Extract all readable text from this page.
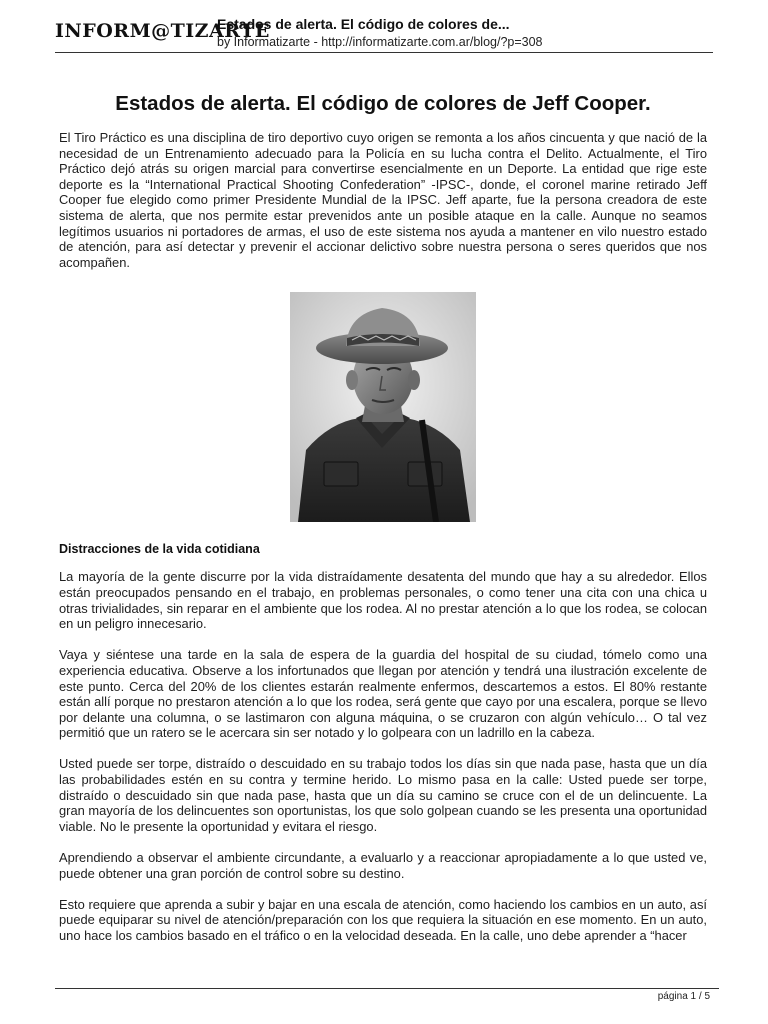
INFORM@TIZARTE
Estados de alerta. El código de colores de...
by Informatizarte - http://informatizarte.com.ar/blog/?p=308
Estados de alerta. El código de colores de Jeff Cooper.

El Tiro Práctico es una disciplina de tiro deportivo cuyo origen se remonta a los años cincuenta y que nació de la necesidad de un Entrenamiento adecuado para la Policía en su lucha contra el Delito. Actualmente, el Tiro Práctico dejó atrás su origen marcial para convertirse esencialmente en un Deporte. La entidad que rige este deporte es la “International Practical Shooting Confederation” -IPSC-, donde, el coronel marine retirado Jeff Cooper fue elegido como primer Presidente Mundial de la IPSC. Jeff aparte, fue la persona creadora de este sistema de alerta, que nos permite estar prevenidos ante un posible ataque en la calle. Aunque no seamos legítimos usuarios ni portadores de armas, el uso de este sistema nos ayuda a mantener en vilo nuestro estado de atención, para así detectar y prevenir el accionar delictivo sobre nuestra persona o seres queridos que nos acompañen.

Distracciones de la vida cotidiana

La mayoría de la gente discurre por la vida distraídamente desatenta del mundo que hay a su alrededor. Ellos están preocupados pensando en el trabajo, en problemas personales, o como tener una cita con una chica u otras trivialidades, sin reparar en el ambiente que los rodea. Al no prestar atención a lo que los rodea, se colocan en un peligro innecesario.

Vaya y siéntese una tarde en la sala de espera de la guardia del hospital de su ciudad, tómelo como una experiencia educativa. Observe a los infortunados que llegan por atención y tendrá una ilustración excelente de este punto. Cerca del 20% de los clientes estarán realmente enfermos, descartemos a estos. El 80% restante están allí porque no prestaron atención a lo que los rodea, será gente que cayo por una escalera, porque se llevo por delante una columna, o se lastimaron con alguna máquina, o se cruzaron con algún vehículo… O tal vez permitió que un ratero se le acercara sin ser notado y lo golpeara con un ladrillo en la cabeza.

Usted puede ser torpe, distraído o descuidado en su trabajo todos los días sin que nada pase, hasta que un día las probabilidades estén en su contra y termine herido. Lo mismo pasa en la calle: Usted puede ser torpe, distraído o descuidado sin que nada pase, hasta que un día su camino se cruce con el de un delincuente. La gran mayoría de los delincuentes son oportunistas, los que solo golpean cuando se les presenta una oportunidad viable. No le presente la oportunidad y evitara el riesgo.

Aprendiendo a observar el ambiente circundante, a evaluarlo y a reaccionar apropiadamente a lo que usted ve, puede obtener una gran porción de control sobre su destino.

Esto requiere que aprenda a subir y bajar en una escala de atención, como haciendo los cambios en un auto, así puede equiparar su nivel de atención/preparación con los que requiera la situación en ese momento. En un auto, uno hace los cambios basado en el tráfico o en la velocidad deseada. En la calle, uno debe aprender a “hacer

página 1 / 5
